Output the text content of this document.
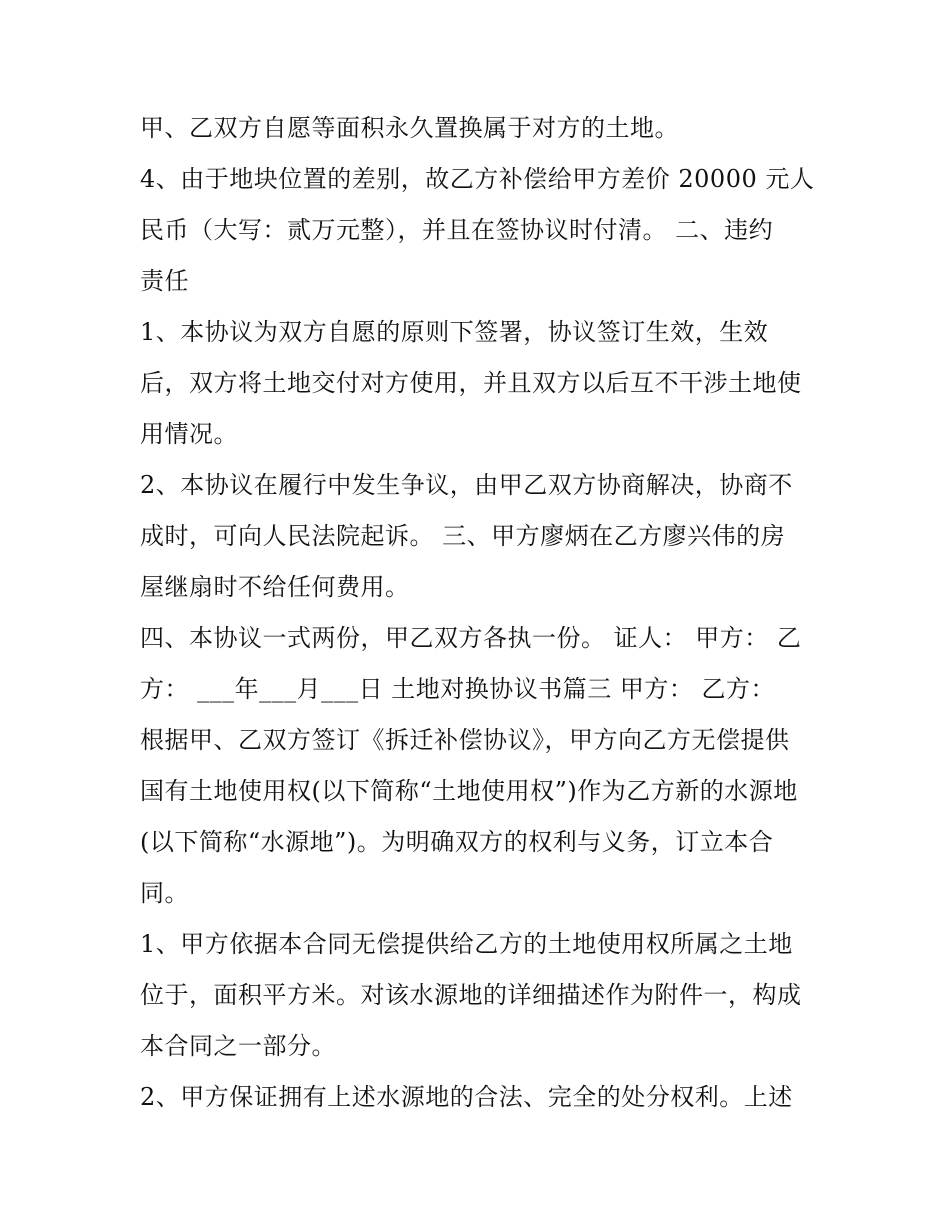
甲、乙双方自愿等面积永久置换属于对方的土地。
4、由于地块位置的差别，故乙方补偿给甲方差价 20000 元人
民币（大写：贰万元整），并且在签协议时付清。 二、违约
责任
1、本协议为双方自愿的原则下签署，协议签订生效，生效
后，双方将土地交付对方使用，并且双方以后互不干涉土地使
用情况。
2、本协议在履行中发生争议，由甲乙双方协商解决，协商不
成时，可向人民法院起诉。 三、甲方廖炳在乙方廖兴伟的房
屋继扇时不给任何费用。
四、本协议一式两份，甲乙双方各执一份。 证人： 甲方： 乙
方： ___年___月___日 土地对换协议书篇三 甲方： 乙方：
根据甲、乙双方签订《拆迁补偿协议》，甲方向乙方无偿提供
国有土地使用权(以下简称“土地使用权”)作为乙方新的水源地
(以下简称“水源地”)。为明确双方的权利与义务，订立本合
同。
1、甲方依据本合同无偿提供给乙方的土地使用权所属之土地
位于，面积平方米。对该水源地的详细描述作为附件一，构成
本合同之一部分。
2、甲方保证拥有上述水源地的合法、完全的处分权利。上述
